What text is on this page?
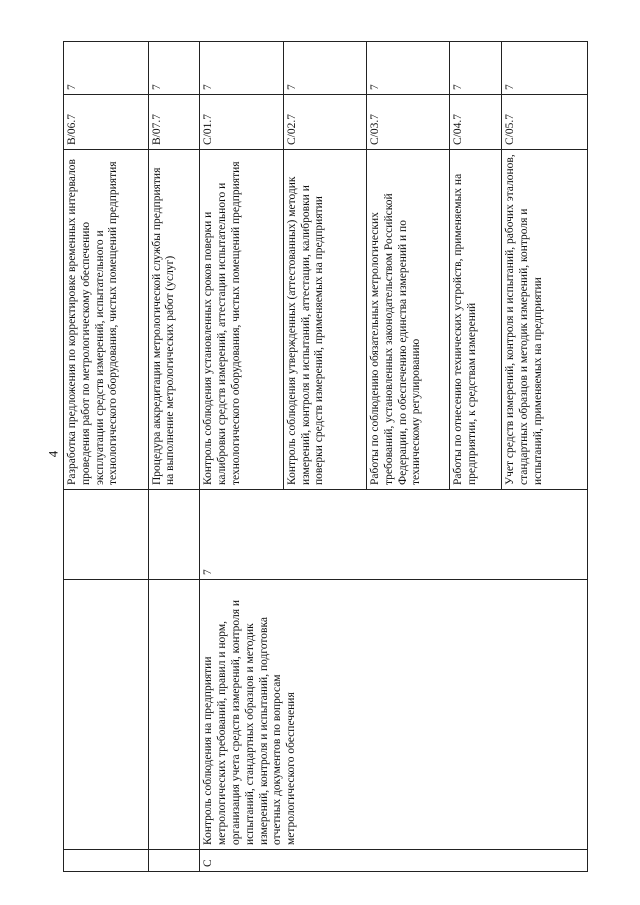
4
			Разработка предложения по корректировке временных интервалов проведения работ по метрологическому обеспечению эксплуатации средств измерений, испытательного и технологического оборудования, чистых помещений предприятия	B/06.7	7
			Процедура аккредитации метрологической службы предприятия на выполнение метрологических работ (услуг)	B/07.7	7
C	Контроль соблюдения на предприятии метрологических требований, правил и норм, организация учета средств измерений, контроля и испытаний, стандартных образцов и методик измерений, контроля и испытаний, подготовка отчетных документов по вопросам метрологического обеспечения	7	Контроль соблюдения установленных сроков поверки и калибровки средств измерений, аттестации испытательного и технологического оборудования, чистых помещений предприятия	C/01.7	7
			Контроль соблюдения утвержденных (аттестованных) методик измерений, контроля и испытаний, аттестации, калибровки и поверки средств измерений, применяемых на предприятии	C/02.7	7
			Работы по соблюдению обязательных метрологических требований, установленных законодательством Российской Федерации, по обеспечению единства измерений и по техническому регулированию	C/03.7	7
			Работы по отнесению технических устройств, применяемых на предприятии, к средствам измерений	C/04.7	7
			Учет средств измерений, контроля и испытаний, рабочих эталонов, стандартных образцов и методик измерений, контроля и испытаний, применяемых на предприятии	C/05.7	7
